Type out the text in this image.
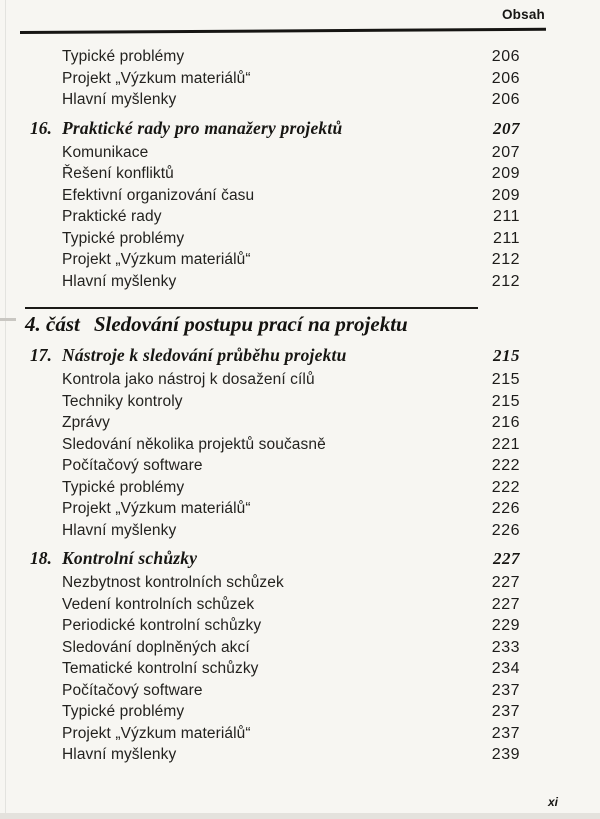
Obsah
Typické problémy	206
Projekt „Výzkum materiálů“	206
Hlavní myšlenky	206
16. Praktické rady pro manažery projektů	207
Komunikace	207
Řešení konfliktů	209
Efektivní organizování času	209
Praktické rady	211
Typické problémy	211
Projekt „Výzkum materiálů“	212
Hlavní myšlenky	212
4. část Sledování postupu prací na projektu
17. Nástroje k sledování průběhu projektu	215
Kontrola jako nástroj k dosažení cílů	215
Techniky kontroly	215
Zprávy	216
Sledování několika projektů současně	221
Počítačový software	222
Typické problémy	222
Projekt „Výzkum materiálů“	226
Hlavní myšlenky	226
18. Kontrolní schůzky	227
Nezbytnost kontrolních schůzek	227
Vedení kontrolních schůzek	227
Periodické kontrolní schůzky	229
Sledování doplněných akcí	233
Tematické kontrolní schůzky	234
Počítačový software	237
Typické problémy	237
Projekt „Výzkum materiálů“	237
Hlavní myšlenky	239
xi
